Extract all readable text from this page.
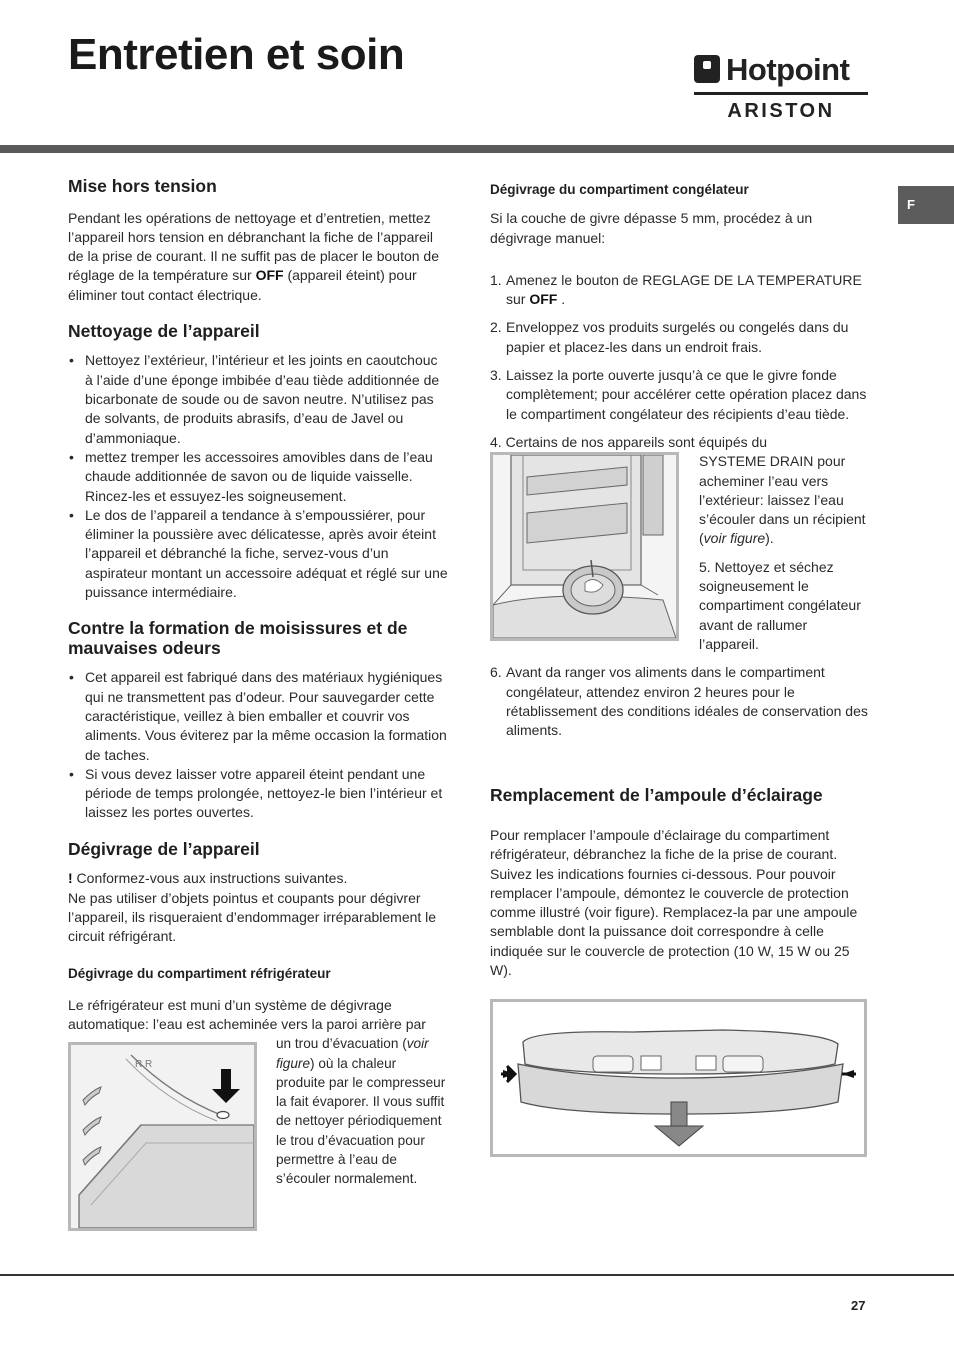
Entretien et soin	Hotpoint
ARISTON
F
Mise hors tension

Pendant les opérations de nettoyage et d’entretien, mettez l’appareil hors tension en débranchant la fiche de l’appareil de la prise de courant. Il ne suffit pas de placer le bouton de réglage de la température sur OFF (appareil éteint) pour éliminer tout contact électrique.

Nettoyage de l’appareil
• Nettoyez l’extérieur, l’intérieur et les joints en caoutchouc à l’aide d’une éponge imbibée d’eau tiède additionnée de bicarbonate de soude ou de savon neutre. N’utilisez pas de solvants, de produits abrasifs, d’eau de Javel ou d’ammoniaque.
• mettez tremper les accessoires amovibles dans de l’eau chaude additionnée de savon ou de liquide vaisselle. Rincez-les et essuyez-les soigneusement.
• Le dos de l’appareil a tendance à s’empoussiérer, pour éliminer la poussière avec délicatesse, après avoir éteint l’appareil et débranché la fiche, servez-vous d’un aspirateur montant un accessoire adéquat et réglé sur une puissance intermédiaire.
Contre la formation de moisissures et de mauvaises odeurs
• Cet appareil est fabriqué dans des matériaux hygiéniques qui ne transmettent pas d’odeur. Pour sauvegarder cette caractéristique, veillez à bien emballer et couvrir vos aliments. Vous éviterez par la même occasion la formation de taches.
• Si vous devez laisser votre appareil éteint pendant une période de temps prolongée, nettoyez-le bien l’intérieur et laissez les portes ouvertes.
Dégivrage de l’appareil

! Conformez-vous aux instructions suivantes.

Ne pas utiliser d’objets pointus et coupants pour dégivrer l’appareil, ils risqueraient d’endommager irréparablement le circuit réfrigérant.

Dégivrage du compartiment réfrigérateur

Le réfrigérateur est muni d’un système de dégivrage automatique: l’eau est acheminée vers la paroi arrière par

R R

un trou d’évacuation (voir figure) où la chaleur produite par le compresseur la fait évaporer. Il vous suffit de nettoyer périodiquement le trou d’évacuation pour permettre à l’eau de s’écouler normalement.

Dégivrage du compartiment congélateur

Si la couche de givre dépasse 5 mm, procédez à un dégivrage manuel:

1. Amenez le bouton de REGLAGE DE LA TEMPERATURE sur OFF .
2. Enveloppez vos produits surgelés ou congelés dans du papier et placez-les dans un endroit frais.
3. Laissez la porte ouverte jusqu’à ce que le givre fonde complètement; pour accélérer cette opération placez dans le compartiment congélateur des récipients d’eau tiède.

4. Certains de nos appareils sont équipés du

SYSTEME DRAIN pour acheminer l’eau vers l’extérieur: laissez l’eau s’écouler dans un récipient (voir figure).

5. Nettoyez et séchez soigneusement le compartiment congélateur avant de rallumer l’appareil.

6. Avant da ranger vos aliments dans le compartiment congélateur, attendez environ 2 heures pour le rétablissement des conditions idéales de conservation des aliments.
Remplacement de l’ampoule d’éclairage

Pour remplacer l’ampoule d’éclairage du compartiment réfrigérateur, débranchez la fiche de la prise de courant. Suivez les indications fournies ci-dessous. Pour pouvoir remplacer l’ampoule, démontez le couvercle de protection comme illustré (voir figure). Remplacez-la par une ampoule semblable dont la puissance doit correspondre à celle indiquée sur le couvercle de protection (10 W, 15 W ou 25 W).

27
